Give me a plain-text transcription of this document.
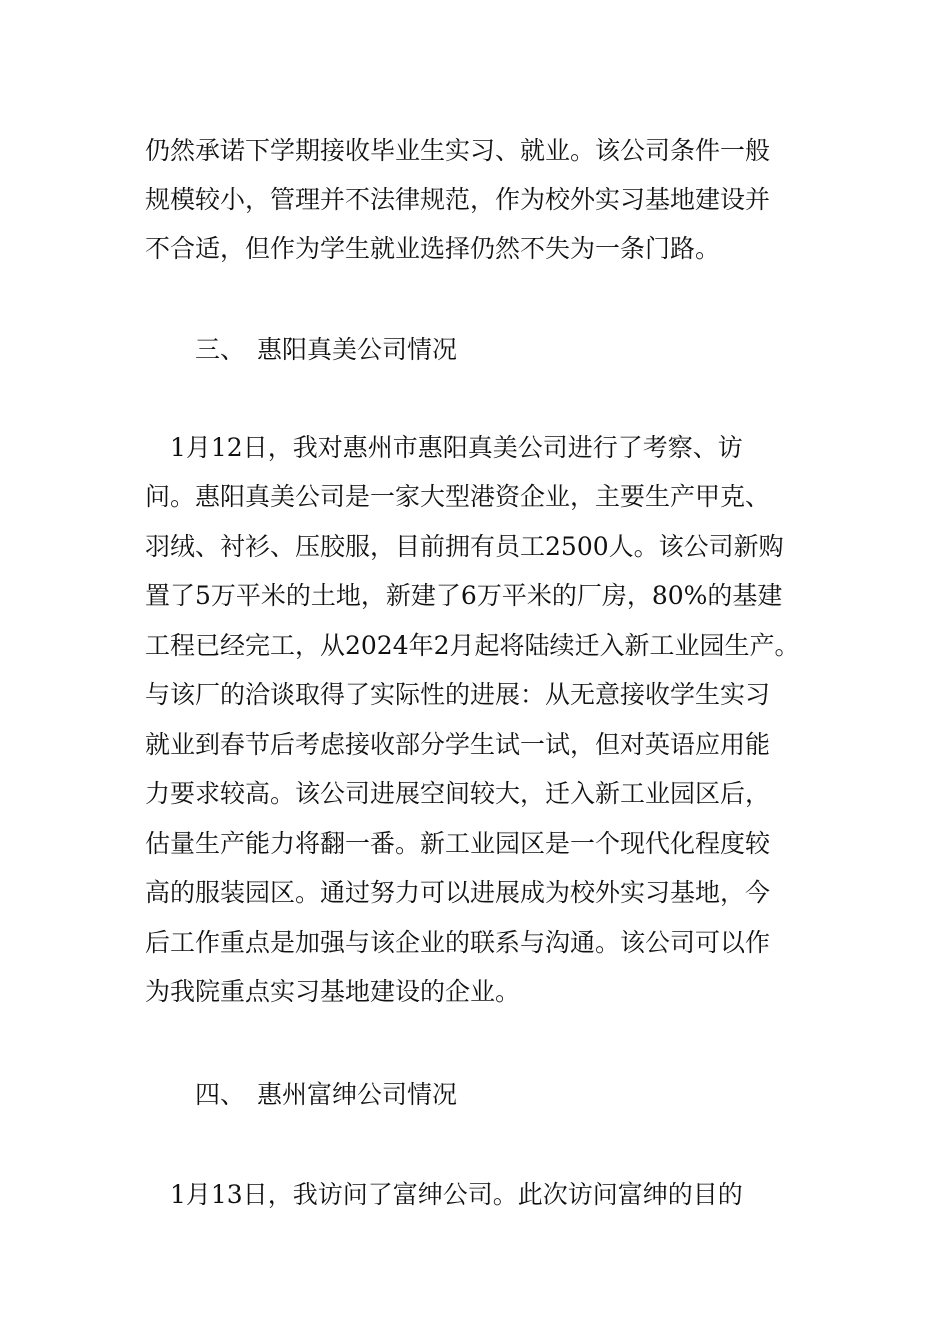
仍然承诺下学期接收毕业生实习、就业。该公司条件一般
规模较小，管理并不法律规范，作为校外实习基地建设并
不合适，但作为学生就业选择仍然不失为一条门路。
三、 惠阳真美公司情况
　1月12日，我对惠州市惠阳真美公司进行了考察、访
问。惠阳真美公司是一家大型港资企业，主要生产甲克、
羽绒、衬衫、压胶服，目前拥有员工2500人。该公司新购
置了5万平米的土地，新建了6万平米的厂房，80%的基建
工程已经完工，从2024年2月起将陆续迁入新工业园生产。
与该厂的洽谈取得了实际性的进展：从无意接收学生实习
就业到春节后考虑接收部分学生试一试，但对英语应用能
力要求较高。该公司进展空间较大，迁入新工业园区后，
估量生产能力将翻一番。新工业园区是一个现代化程度较
高的服装园区。通过努力可以进展成为校外实习基地，今
后工作重点是加强与该企业的联系与沟通。该公司可以作
为我院重点实习基地建设的企业。
四、 惠州富绅公司情况
　1月13日，我访问了富绅公司。此次访问富绅的目的
